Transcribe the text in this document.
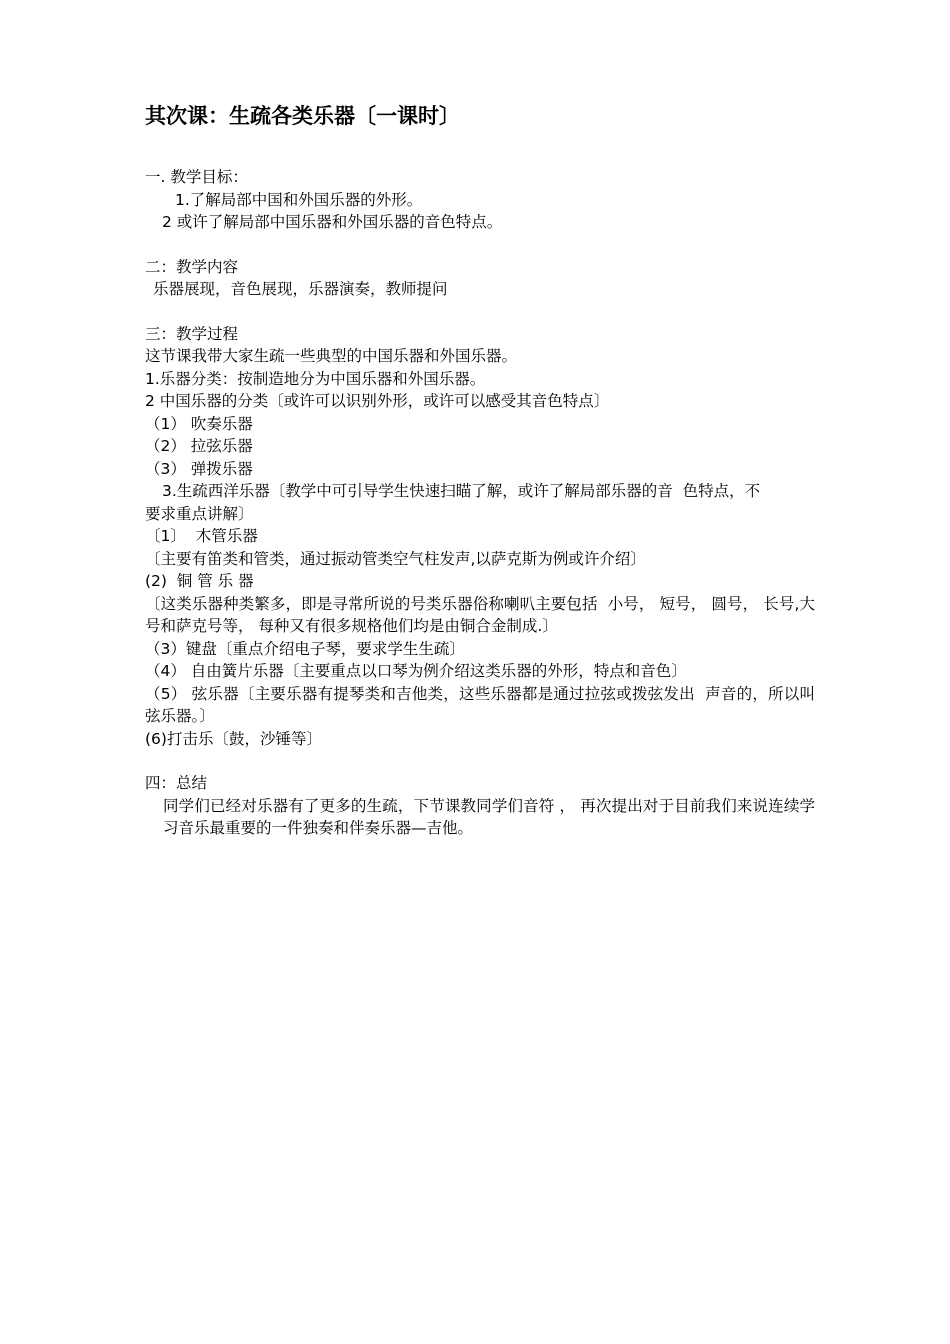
其次课：生疏各类乐器〔一课时〕

一. 教学目标：

1.了解局部中国和外国乐器的外形。

2 或许了解局部中国乐器和外国乐器的音色特点。

二：教学内容

乐器展现，音色展现，乐器演奏，教师提问

三：教学过程

这节课我带大家生疏一些典型的中国乐器和外国乐器。

1.乐器分类：按制造地分为中国乐器和外国乐器。

2 中国乐器的分类〔或许可以识别外形，或许可以感受其音色特点〕

（1） 吹奏乐器

（2） 拉弦乐器

（3） 弹拨乐器

3.生疏西洋乐器〔教学中可引导学生快速扫瞄了解，或许了解局部乐器的音  色特点，不

要求重点讲解〕

〔1〕  木管乐器

〔主要有笛类和管类，通过振动管类空气柱发声,以萨克斯为例或许介绍〕

(2)  铜 管 乐 器

〔这类乐器种类繁多，即是寻常所说的号类乐器俗称喇叭主要包括  小号， 短号， 圆号， 长号,大号和萨克号等， 每种又有很多规格他们均是由铜合金制成.〕

（3）键盘〔重点介绍电子琴，要求学生生疏〕

（4） 自由簧片乐器〔主要重点以口琴为例介绍这类乐器的外形，特点和音色〕

（5） 弦乐器〔主要乐器有提琴类和吉他类，这些乐器都是通过拉弦或拨弦发出  声音的，所以叫弦乐器。〕

(6)打击乐〔鼓，沙锤等〕

四：总结

同学们已经对乐器有了更多的生疏，下节课教同学们音符 ， 再次提出对于目前我们来说连续学习音乐最重要的一件独奏和伴奏乐器—吉他。
